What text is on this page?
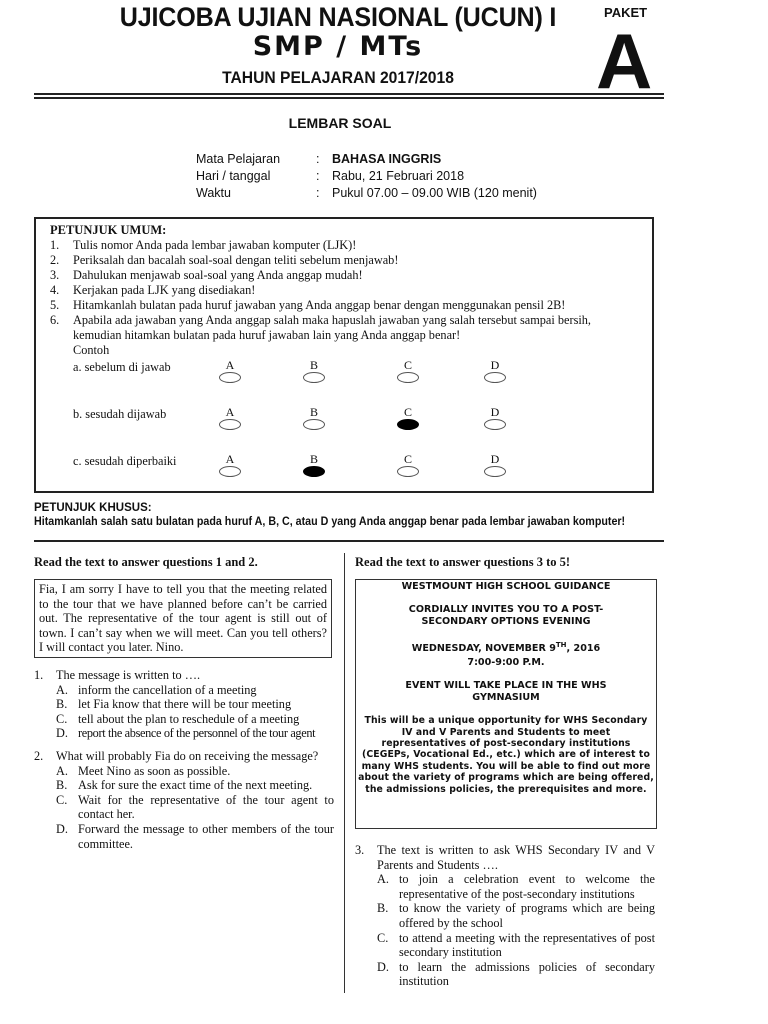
UJICOBA UJIAN NASIONAL (UCUN) I
SMP / MTs
TAHUN PELAJARAN 2017/2018
PAKET
A
LEMBAR SOAL
Mata Pelajaran	:	BAHASA INGGRIS
Hari / tanggal	:	Rabu, 21 Februari 2018
Waktu	:	Pukul 07.00 – 09.00 WIB (120 menit)
PETUNJUK UMUM:
1.	Tulis nomor Anda pada lembar jawaban komputer (LJK)!
2.	Periksalah dan bacalah soal-soal dengan teliti sebelum menjawab!
3.	Dahulukan menjawab soal-soal yang Anda anggap mudah!
4.	Kerjakan pada LJK yang disediakan!
5.	Hitamkanlah bulatan pada huruf jawaban yang Anda anggap benar dengan menggunakan pensil 2B!
6.	Apabila ada jawaban yang Anda anggap salah maka hapuslah jawaban yang salah tersebut sampai bersih,
kemudian hitamkan bulatan pada huruf jawaban lain yang Anda anggap benar!
Contoh
a. sebelum di jawab	A	B	C	D
b. sesudah dijawab	A	B	C	D
c. sesudah diperbaiki	A	B	C	D
PETUNJUK KHUSUS:
Hitamkanlah salah satu bulatan pada huruf A, B, C, atau D yang Anda anggap benar pada lembar jawaban komputer!
Read the text to answer questions 1 and 2.
Fia, I am sorry I have to tell you that the meeting related to the tour that we have planned before can’t be carried out. The representative of the tour agent is still out of town. I can’t say when we will meet. Can you tell others? I will contact you later. Nino.
1.	The message is written to ….
A. inform the cancellation of a meeting
B. let Fia know that there will be tour meeting
C. tell about the plan to reschedule of a meeting
D. report the absence of the personnel of the tour agent
2.	What will probably Fia do on receiving the message?
A. Meet Nino as soon as possible.
B. Ask for sure the exact time of the next meeting.
C. Wait for the representative of the tour agent to contact her.
D. Forward the message to other members of the tour committee.
Read the text to answer questions 3 to 5!
WESTMOUNT HIGH SCHOOL GUIDANCE
CORDIALLY INVITES YOU TO A POST-SECONDARY OPTIONS EVENING
WEDNESDAY, NOVEMBER 9TH, 2016
7:00-9:00 P.M.
EVENT WILL TAKE PLACE IN THE WHS GYMNASIUM
This will be a unique opportunity for WHS Secondary IV and V Parents and Students to meet representatives of post-secondary institutions (CEGEPs, Vocational Ed., etc.) which are of interest to many WHS students. You will be able to find out more about the variety of programs which are being offered, the admissions policies, the prerequisites and more.
3.	The text is written to ask WHS Secondary IV and V Parents and Students ….
A. to join a celebration event to welcome the representative of the post-secondary institutions
B. to know the variety of programs which are being offered by the school
C. to attend a meeting with the representatives of post secondary institution
D. to learn the admissions policies of secondary institution
